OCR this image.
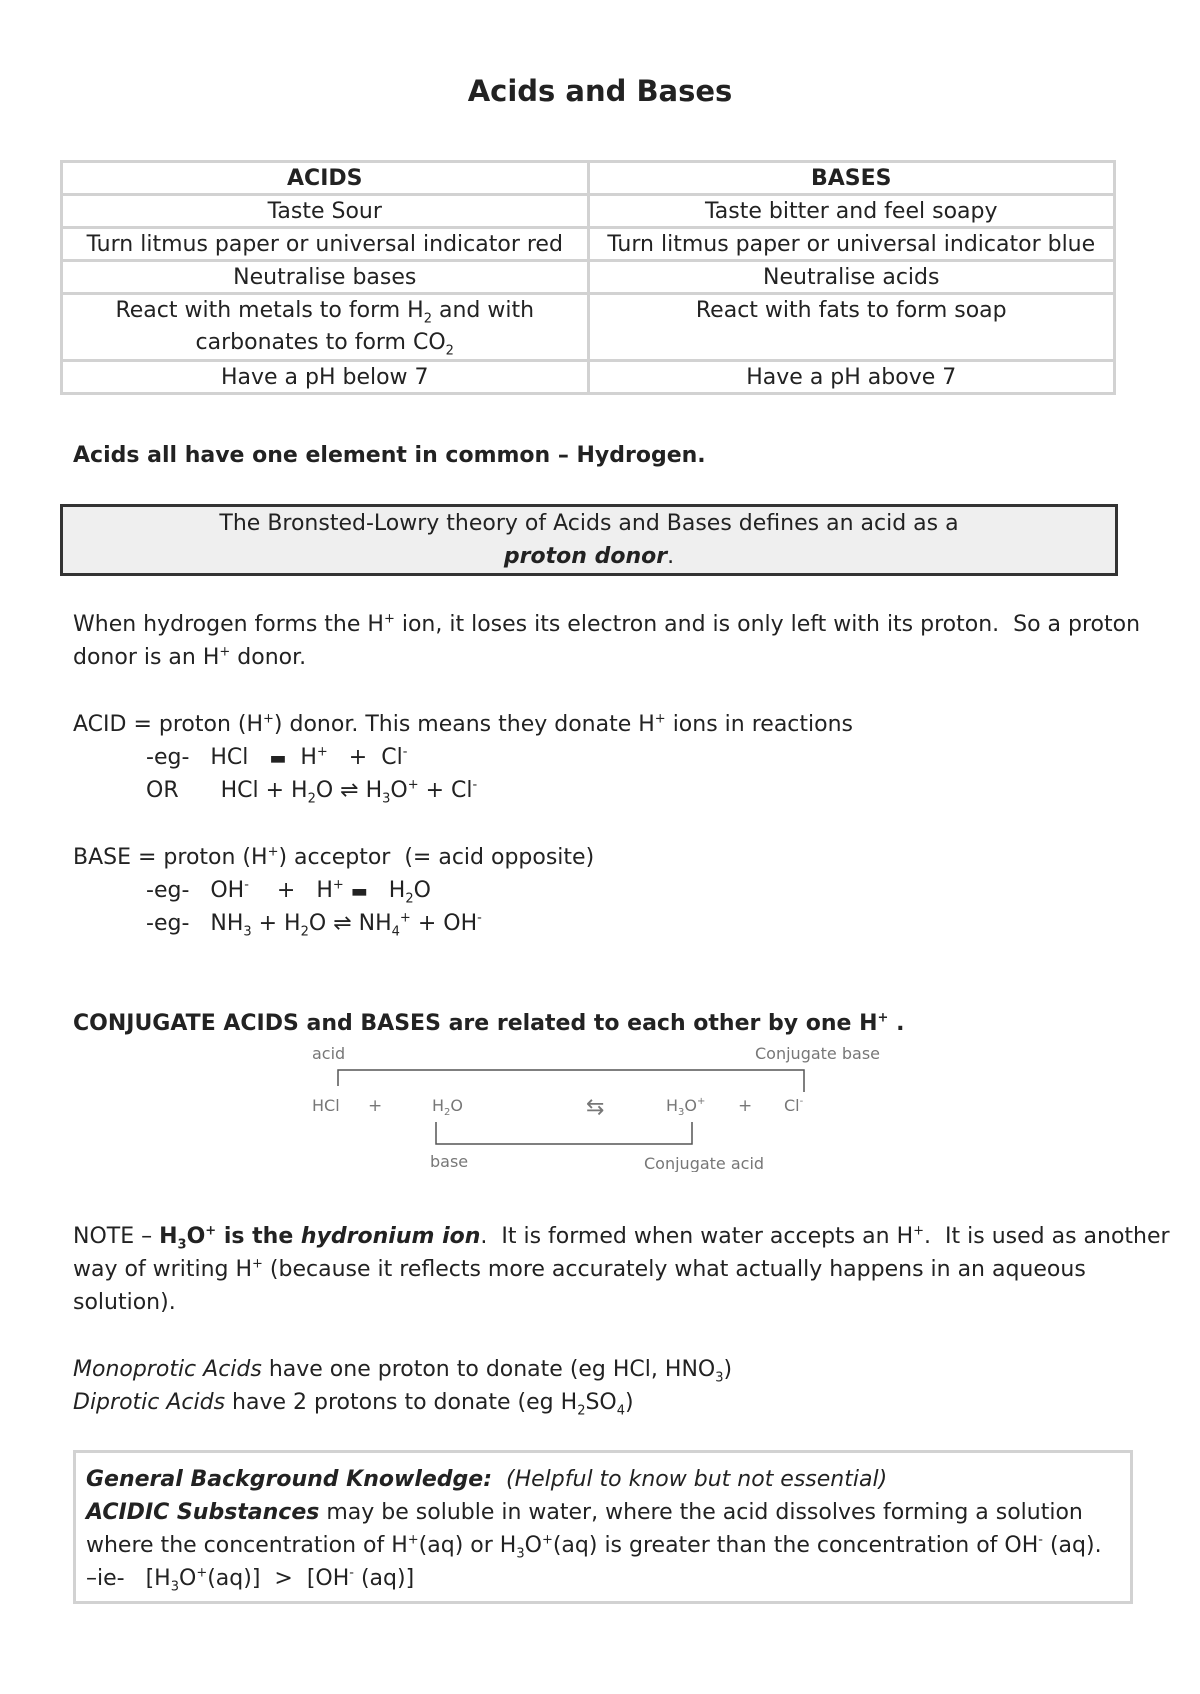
Acids and Bases
ACIDS	BASES
Taste Sour	Taste bitter and feel soapy
Turn litmus paper or universal indicator red	Turn litmus paper or universal indicator blue
Neutralise bases	Neutralise acids

React with metals to form $H_2$ and with
carbonates to form $CO_2$	React with fats to form soap
Have a pH below 7	Have a pH above 7
Acids all have one element in common – Hydrogen.
The Bronsted-Lowry theory of Acids and Bases defines an acid as a
proton donor.
When hydrogen forms the H+ ion, it loses its electron and is only left with its proton.  So a proton
donor is an H+ donor.
ACID = proton (H+) donor. This means they donate H+ ions in reactions
-eg-   HCl   ▬  H+   +  Cl-
OR      HCl + $H_2O$ ⇌ $H_3O^+ + Cl^-$
BASE = proton (H+) acceptor  (= acid opposite)
-eg-   OH-    +   H+ ▬   $H_2O$
-eg-   $NH_3 + H_2O$ ⇌ $NH_4^+ + OH^-$
CONJUGATE ACIDS and BASES are related to each other by one H+ .
acid	Conjugate base
HCl +	$H_2O$	⇆	$H_3O^+ + Cl^-$
base	Conjugate acid
NOTE – $H_3O^+$ is the hydronium ion.  It is formed when water accepts an H+.  It is used as another
way of writing H+ (because it reflects more accurately what actually happens in an aqueous
solution).
Monoprotic Acids have one proton to donate (eg HCl, $HNO_3$)
Diprotic Acids have 2 protons to donate (eg $H_2SO_4$)
General Background Knowledge: (Helpful to know but not essential)
ACIDIC Substances may be soluble in water, where the acid dissolves forming a solution
where the concentration of H+(aq) or $H_3O^+(aq)$ is greater than the concentration of OH- (aq).
–ie-   $[H_3O^+(aq)] > [OH^-$ (aq)]
